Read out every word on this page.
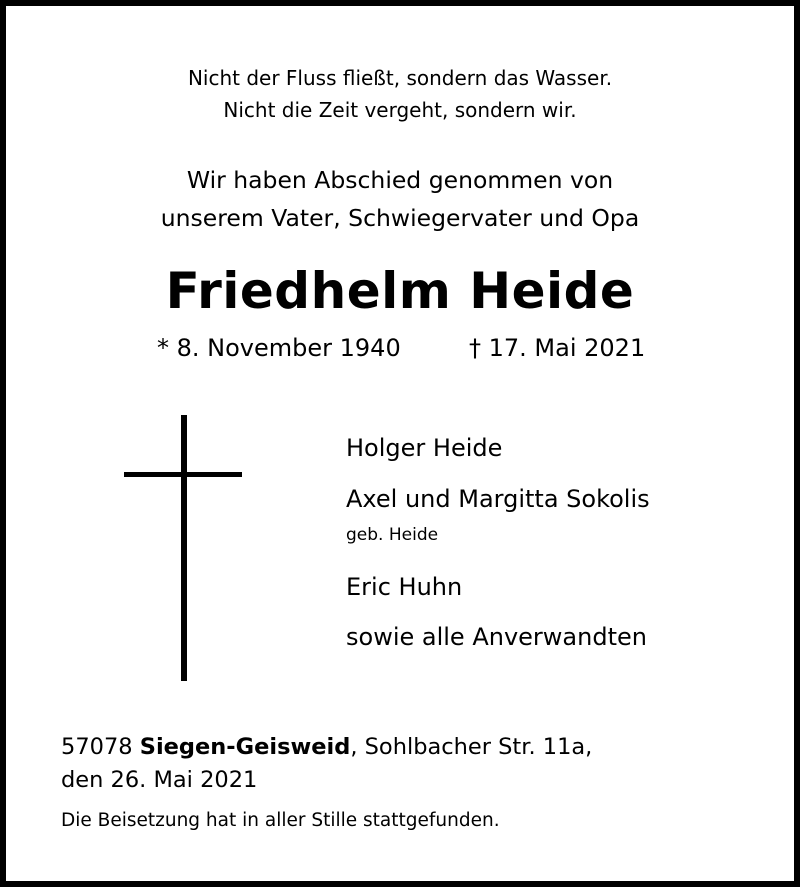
Nicht der Fluss fließt, sondern das Wasser.
Nicht die Zeit vergeht, sondern wir.
Wir haben Abschied genommen von
unserem Vater, Schwiegervater und Opa
Friedhelm Heide
* 8. November 1940	† 17. Mai 2021
Holger Heide
Axel und Margitta Sokolis
geb. Heide
Eric Huhn
sowie alle Anverwandten
57078 Siegen-Geisweid, Sohlbacher Str. 11a,
den 26. Mai 2021
Die Beisetzung hat in aller Stille stattgefunden.
